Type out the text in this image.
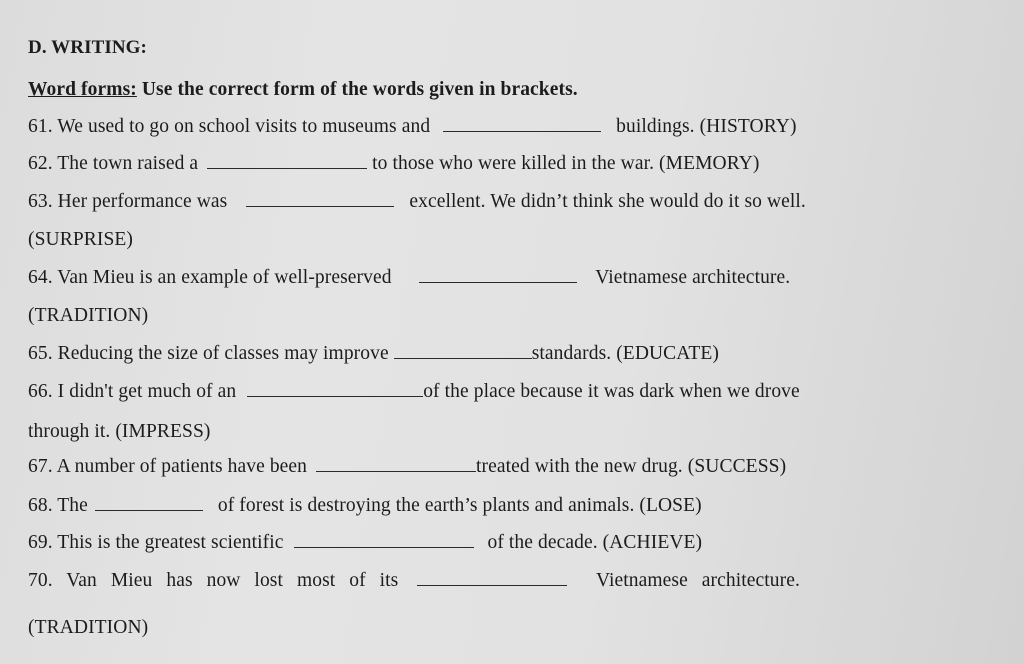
D. WRITING:
Word forms: Use the correct form of the words given in brackets.
61. We used to go on school visits to museums and	buildings. (HISTORY)
62. The town raised a	to those who were killed in the war. (MEMORY)
63. Her performance was	excellent. We didn’t think she would do it so well.
(SURPRISE)
64. Van Mieu is an example of well-preserved	Vietnamese architecture.
(TRADITION)
65. Reducing the size of classes may improve	standards. (EDUCATE)
66. I didn't get much of an	of the place because it was dark when we drove
through it. (IMPRESS)
67. A number of patients have been	treated with the new drug. (SUCCESS)
68. The	of forest is destroying the earth’s plants and animals. (LOSE)
69. This is the greatest scientific	of the decade. (ACHIEVE)
70.  Van  Mieu  has  now  lost  most  of  its	Vietnamese  architecture.
(TRADITION)
